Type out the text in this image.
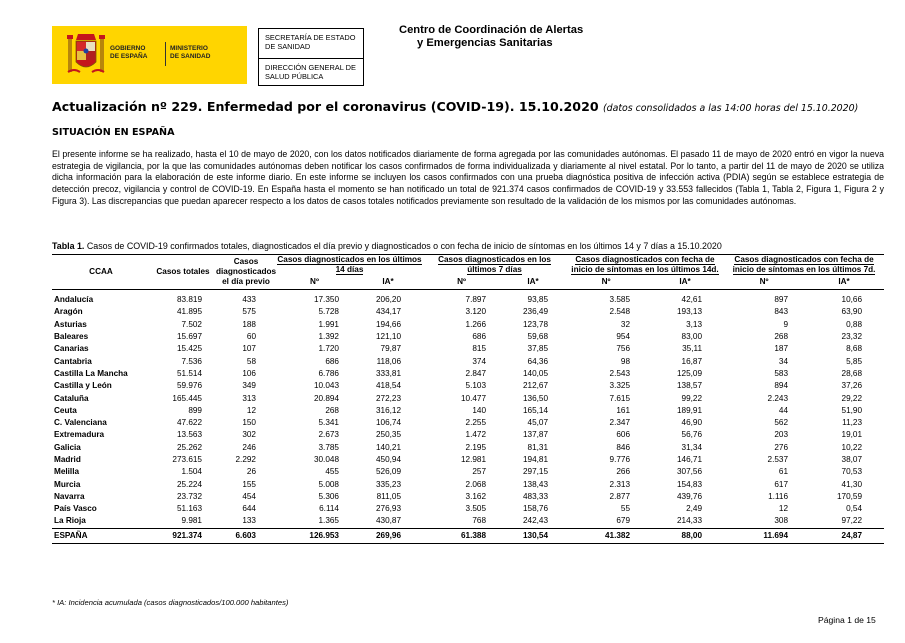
GOBIERNO
DE ESPAÑA
MINISTERIO
DE SANIDAD
SECRETARÍA DE ESTADO
DE SANIDAD
DIRECCIÓN GENERAL DE
SALUD PÚBLICA
Centro de Coordinación de Alertas
y Emergencias Sanitarias
Actualización nº 229. Enfermedad por el coronavirus (COVID-19). 15.10.2020 (datos consolidados a las 14:00 horas del 15.10.2020)
SITUACIÓN EN ESPAÑA
El presente informe se ha realizado, hasta el 10 de mayo de 2020, con los datos notificados diariamente de forma agregada por las comunidades autónomas. El pasado 11 de mayo de 2020 entró en vigor la nueva estrategia de vigilancia, por la que las comunidades autónomas deben notificar los casos confirmados de forma individualizada y diariamente al nivel estatal. Por lo tanto, a partir del 11 de mayo de 2020 se utiliza dicha información para la elaboración de este informe diario. En este informe se incluyen los casos confirmados con una prueba diagnóstica positiva de infección activa (PDIA) según se establece estrategia de detección precoz, vigilancia y control de COVID-19. En España hasta el momento se han notificado un total de 921.374 casos confirmados de COVID-19 y 33.553 fallecidos (Tabla 1, Tabla 2, Figura 1, Figura 2 y Figura 3). Las discrepancias que puedan aparecer respecto a los datos de casos totales notificados previamente son resultado de la validación de los mismos por las comunidades autónomas.
Tabla 1. Casos de COVID-19 confirmados totales, diagnosticados el día previo y diagnosticados o con fecha de inicio de síntomas en los últimos 14 y 7 días a 15.10.2020
CCAA	Casos totales	Casos diagnosticados el día previo	Casos diagnosticados en los últimos 14 días		Casos diagnosticados en los últimos 7 días		Casos diagnosticados con fecha de inicio de síntomas en los últimos 14d.		Casos diagnosticados con fecha de inicio de síntomas en los últimos 7d.	
			Nº	IA*	Nº	IA*	Nº	IA*	Nº	IA*
Andalucía	83.819	433	17.350	206,20	7.897	93,85	3.585	42,61	897	10,66
Aragón	41.895	575	5.728	434,17	3.120	236,49	2.548	193,13	843	63,90
Asturias	7.502	188	1.991	194,66	1.266	123,78	32	3,13	9	0,88
Baleares	15.697	60	1.392	121,10	686	59,68	954	83,00	268	23,32
Canarias	15.425	107	1.720	79,87	815	37,85	756	35,11	187	8,68
Cantabria	7.536	58	686	118,06	374	64,36	98	16,87	34	5,85
Castilla La Mancha	51.514	106	6.786	333,81	2.847	140,05	2.543	125,09	583	28,68
Castilla y León	59.976	349	10.043	418,54	5.103	212,67	3.325	138,57	894	37,26
Cataluña	165.445	313	20.894	272,23	10.477	136,50	7.615	99,22	2.243	29,22
Ceuta	899	12	268	316,12	140	165,14	161	189,91	44	51,90
C. Valenciana	47.622	150	5.341	106,74	2.255	45,07	2.347	46,90	562	11,23
Extremadura	13.563	302	2.673	250,35	1.472	137,87	606	56,76	203	19,01
Galicia	25.262	246	3.785	140,21	2.195	81,31	846	31,34	276	10,22
Madrid	273.615	2.292	30.048	450,94	12.981	194,81	9.776	146,71	2.537	38,07
Melilla	1.504	26	455	526,09	257	297,15	266	307,56	61	70,53
Murcia	25.224	155	5.008	335,23	2.068	138,43	2.313	154,83	617	41,30
Navarra	23.732	454	5.306	811,05	3.162	483,33	2.877	439,76	1.116	170,59
País Vasco	51.163	644	6.114	276,93	3.505	158,76	55	2,49	12	0,54
La Rioja	9.981	133	1.365	430,87	768	242,43	679	214,33	308	97,22
ESPAÑA	921.374	6.603	126.953	269,96	61.388	130,54	41.382	88,00	11.694	24,87
* IA: Incidencia acumulada (casos diagnosticados/100.000 habitantes)
Página 1 de 15
